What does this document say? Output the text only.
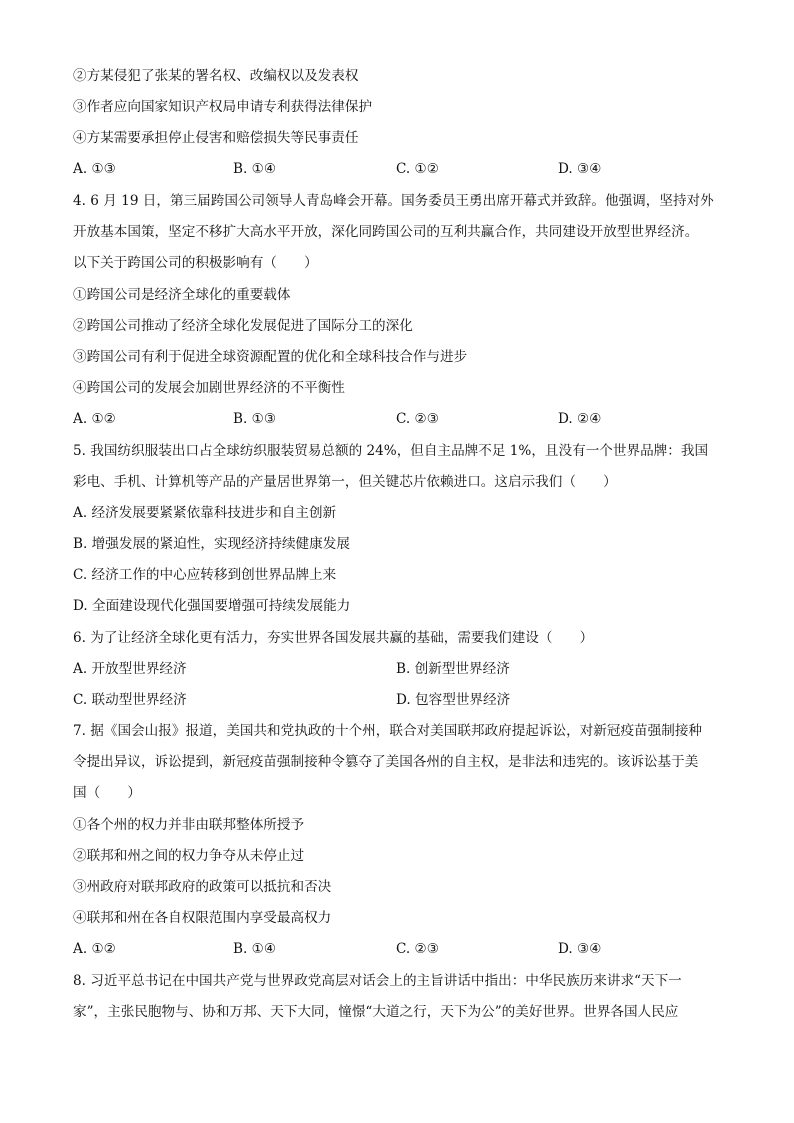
②方某侵犯了张某的署名权、改编权以及发表权
③作者应向国家知识产权局申请专利获得法律保护
④方某需要承担停止侵害和赔偿损失等民事责任
A. ①③	B. ①④	C. ①②	D. ③④
4. 6 月 19 日，第三届跨国公司领导人青岛峰会开幕。国务委员王勇出席开幕式并致辞。他强调，坚持对外
开放基本国策，坚定不移扩大高水平开放，深化同跨国公司的互利共赢合作，共同建设开放型世界经济。
以下关于跨国公司的积极影响有（　　）
①跨国公司是经济全球化的重要载体
②跨国公司推动了经济全球化发展促进了国际分工的深化
③跨国公司有利于促进全球资源配置的优化和全球科技合作与进步
④跨国公司的发展会加剧世界经济的不平衡性
A. ①②	B. ①③	C. ②③	D. ②④
5. 我国纺织服装出口占全球纺织服装贸易总额的 24%，但自主品牌不足 1%，且没有一个世界品牌：我国
彩电、手机、计算机等产品的产量居世界第一，但关键芯片依赖进口。这启示我们（　　）
A. 经济发展要紧紧依靠科技进步和自主创新
B. 增强发展的紧迫性，实现经济持续健康发展
C. 经济工作的中心应转移到创世界品牌上来
D. 全面建设现代化强国要增强可持续发展能力
6. 为了让经济全球化更有活力，夯实世界各国发展共赢的基础，需要我们建设（　　）
A. 开放型世界经济	B. 创新型世界经济
C. 联动型世界经济	D. 包容型世界经济
7. 据《国会山报》报道，美国共和党执政的十个州，联合对美国联邦政府提起诉讼，对新冠疫苗强制接种
令提出异议，诉讼提到，新冠疫苗强制接种令篡夺了美国各州的自主权，是非法和违宪的。该诉讼基于美
国（　　）
①各个州的权力并非由联邦整体所授予
②联邦和州之间的权力争夺从未停止过
③州政府对联邦政府的政策可以抵抗和否决
④联邦和州在各自权限范围内享受最高权力
A. ①②	B. ①④	C. ②③	D. ③④
8. 习近平总书记在中国共产党与世界政党高层对话会上的主旨讲话中指出：中华民族历来讲求“天下一
家”，主张民胞物与、协和万邦、天下大同，憧憬“大道之行，天下为公”的美好世界。世界各国人民应
